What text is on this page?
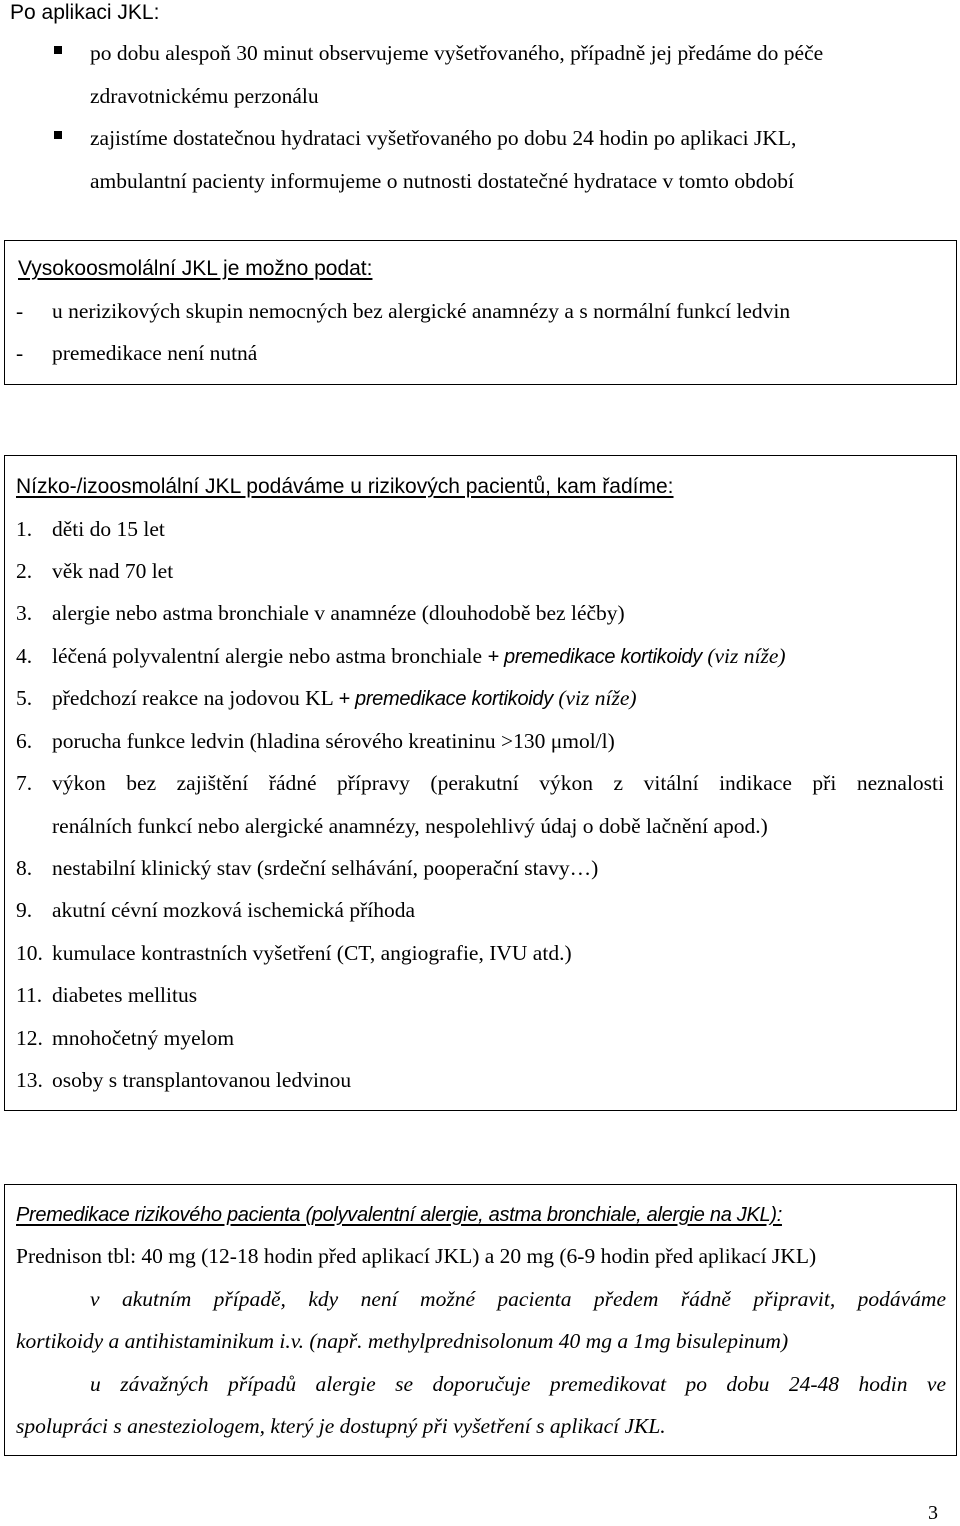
Po aplikaci JKL:
po dobu alespoň 30 minut observujeme vyšetřovaného, případně jej předáme do péče
zdravotnickému perzonálu
zajistíme dostatečnou hydrataci vyšetřovaného po dobu 24 hodin po aplikaci JKL,
ambulantní pacienty informujeme o nutnosti dostatečné hydratace v tomto období
Vysokoosmolální JKL je možno podat:
- u nerizikových skupin nemocných bez alergické anamnézy a s normální funkcí ledvin
- premedikace není nutná
Nízko-/izoosmolální JKL podáváme u rizikových pacientů, kam řadíme:
1. děti do 15 let
2. věk nad 70 let
3. alergie nebo astma bronchiale v anamnéze (dlouhodobě bez léčby)
4. léčená polyvalentní alergie nebo astma bronchiale + premedikace kortikoidy (viz níže)
5. předchozí reakce na jodovou KL + premedikace kortikoidy (viz níže)
6. porucha funkce ledvin (hladina sérového kreatininu >130 μmol/l)
7. výkon bez zajištění řádné přípravy (perakutní výkon z vitální indikace při neznalosti
renálních funkcí nebo alergické anamnézy, nespolehlivý údaj o době lačnění apod.)
8. nestabilní klinický stav (srdeční selhávání, pooperační stavy…)
9. akutní cévní mozková ischemická příhoda
10. kumulace kontrastních vyšetření (CT, angiografie, IVU atd.)
11. diabetes mellitus
12. mnohočetný myelom
13. osoby s transplantovanou ledvinou
Premedikace rizikového pacienta (polyvalentní alergie, astma bronchiale, alergie na JKL):
Prednison tbl: 40 mg (12-18 hodin před aplikací JKL) a 20 mg (6-9 hodin před aplikací JKL)
v akutním případě, kdy není možné pacienta předem řádně připravit, podáváme
kortikoidy a antihistaminikum i.v. (např. methylprednisolonum 40 mg a 1mg bisulepinum)
u závažných případů alergie se doporučuje premedikovat po dobu 24-48 hodin ve
spolupráci s anesteziologem, který je dostupný při vyšetření s aplikací JKL.
3
